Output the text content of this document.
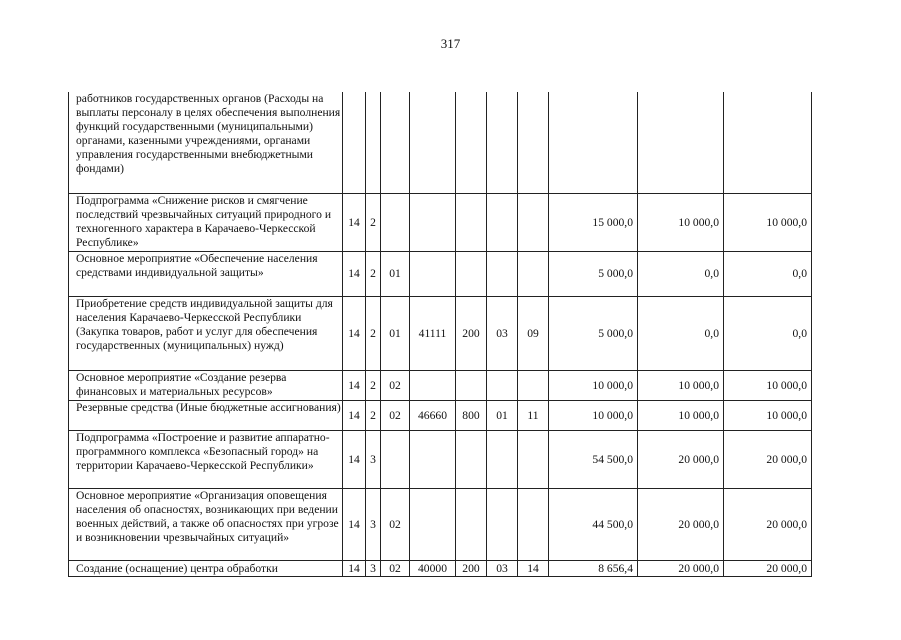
317
работников государственных органов (Расходы на выплаты персоналу в целях обеспечения выполнения функций государственными (муниципальными) органами, казенными учреждениями, органами управления государственными внебюджетными фондами)										
Подпрограмма «Снижение рисков и смягчение последствий чрезвычайных ситуаций природного и техногенного характера в Карачаево-Черкесской Республике»	14	2						15 000,0	10 000,0	10 000,0
Основное мероприятие «Обеспечение населения средствами индивидуальной защиты»	14	2	01					5 000,0	0,0	0,0
Приобретение средств индивидуальной защиты для населения Карачаево-Черкесской Республики (Закупка товаров, работ и услуг для обеспечения государственных (муниципальных) нужд)	14	2	01	41111	200	03	09	5 000,0	0,0	0,0
Основное мероприятие «Создание резерва финансовых и материальных ресурсов»	14	2	02					10 000,0	10 000,0	10 000,0
Резервные средства (Иные бюджетные ассигнования)	14	2	02	46660	800	01	11	10 000,0	10 000,0	10 000,0
Подпрограмма «Построение и развитие аппаратно-программного комплекса «Безопасный город» на территории Карачаево-Черкесской Республики»	14	3						54 500,0	20 000,0	20 000,0
Основное мероприятие «Организация оповещения населения об опасностях, возникающих при ведении военных действий, а также об опасностях при угрозе и возникновении чрезвычайных ситуаций»	14	3	02					44 500,0	20 000,0	20 000,0
Создание (оснащение) центра обработки	14	3	02	40000	200	03	14	8 656,4	20 000,0	20 000,0
